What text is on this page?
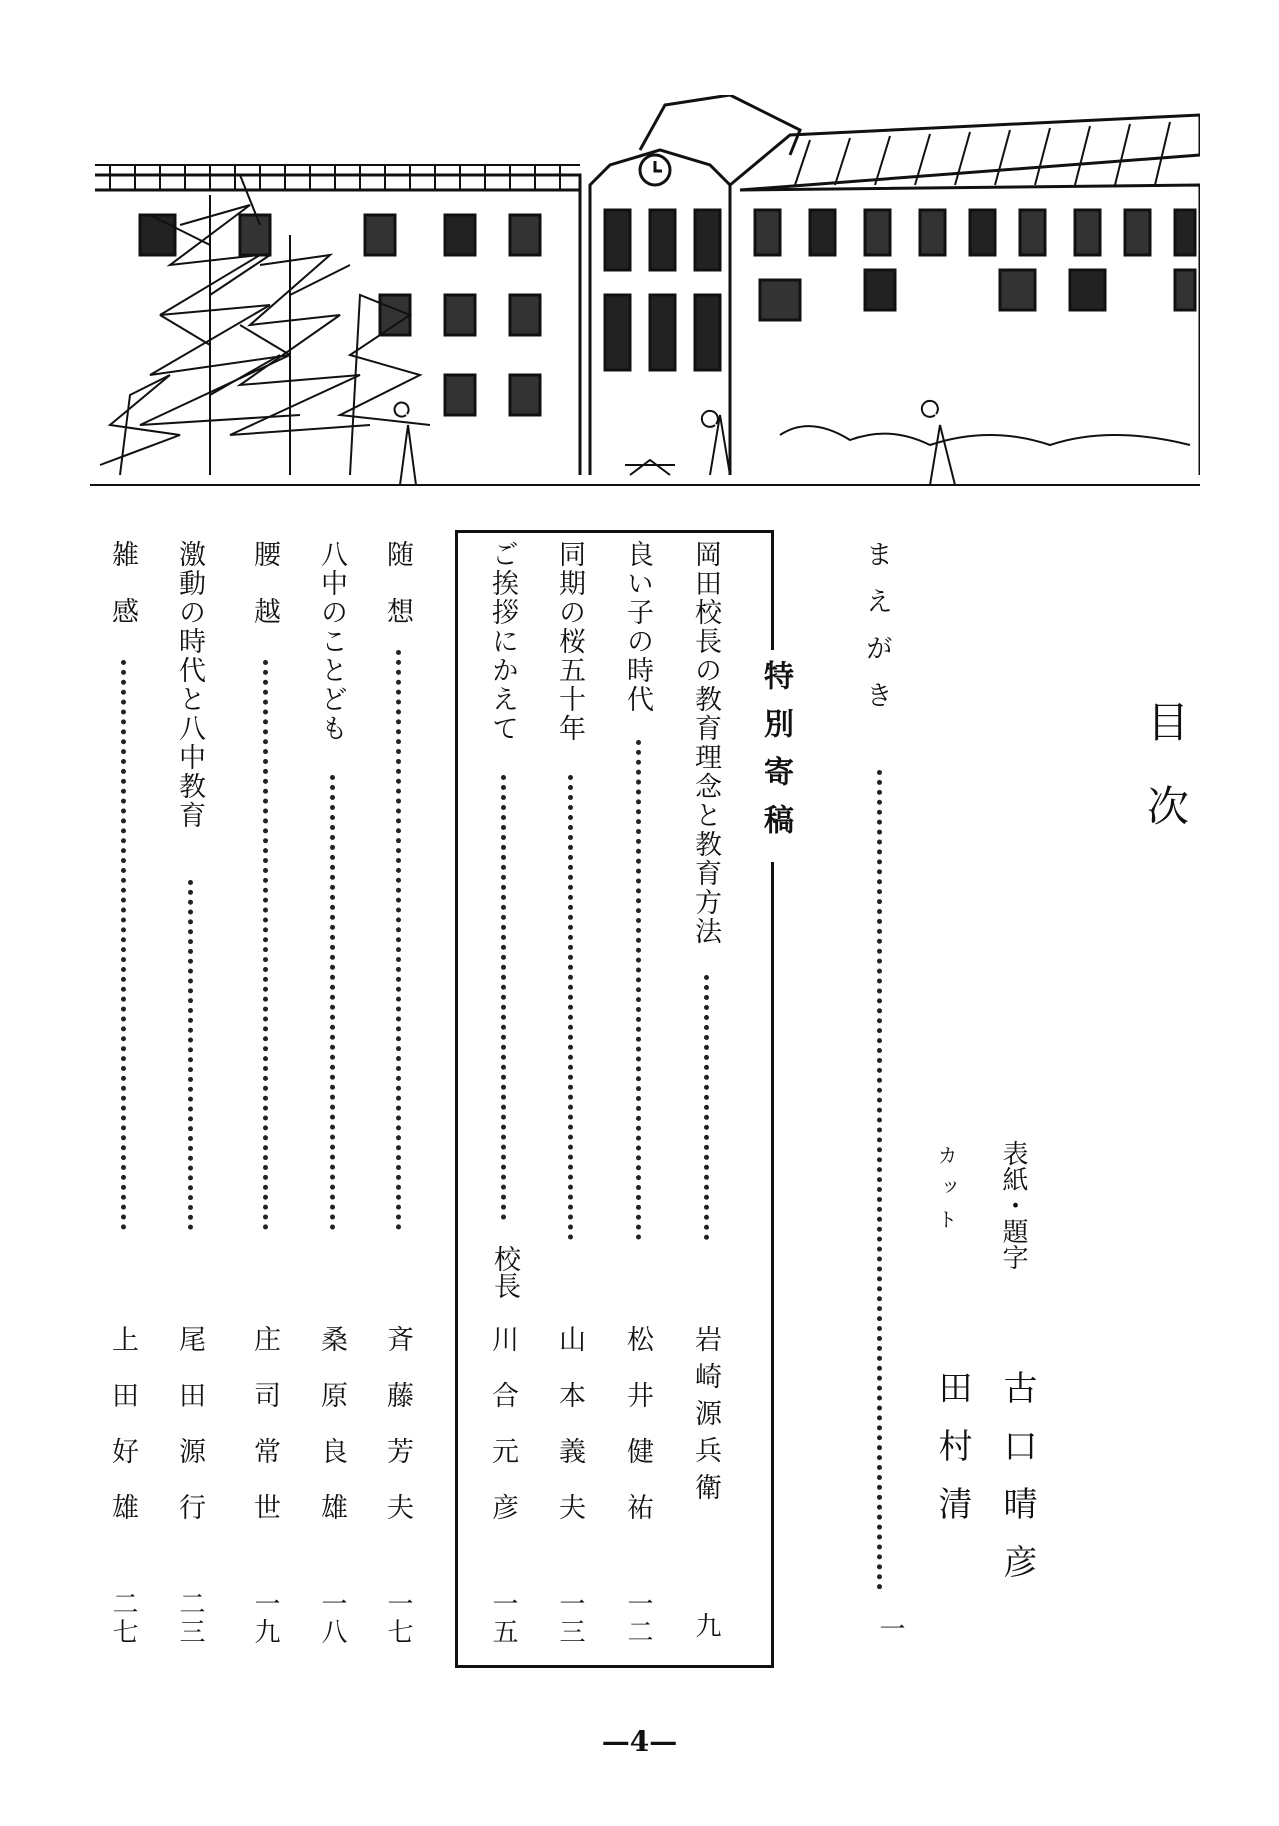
目　次
表紙・題字
古口晴彦
カット
田村清
特別寄稿
まえがき
一
岡田校長の教育理念と教育方法
岩崎源兵衛
九
良い子の時代
松井健祐
一二
同期の桜五十年
山本義夫
一三
ご挨拶にかえて
校長
川合元彦
一五
随想
斉藤芳夫
一七
八中のことども
桑原良雄
一八
腰越
庄司常世
一九
激動の時代と八中教育
尾田源行
二三
雑感
上田好雄
二七
—4—
